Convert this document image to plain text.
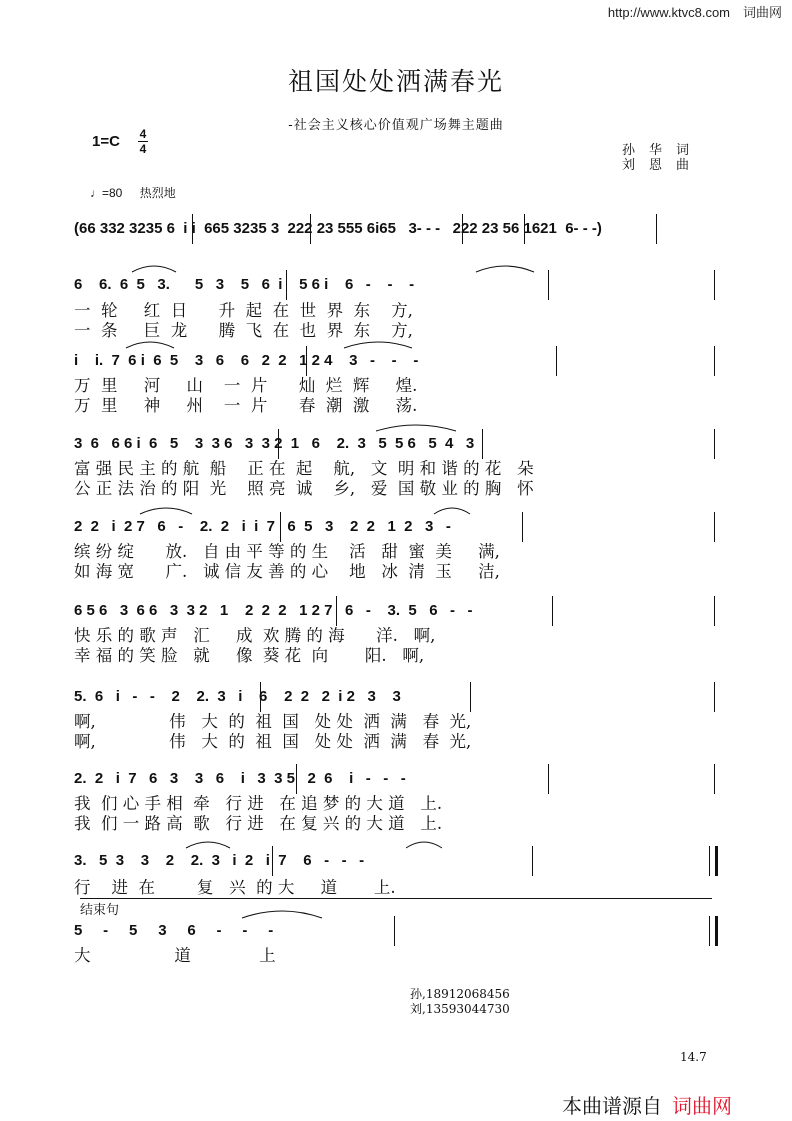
http://www.ktvc8.com　词曲网
祖国处处洒满春光
-社会主义核心价值观广场舞主题曲
1=C 4
4	孙华词
刘恩曲
♩=80 热烈地
(66 332 3235 6  i i  665 3235 3  222 23 555 6i65   3- - -   222 23 56 1621  6- - -)
6    6.  6  5   3.      5   3    5   6  i    5 6 i    6   -    -    -
一  轮     红  日      升  起  在  世  界  东    方,
一  条     巨  龙      腾  飞  在  也  界  东    方,
i    i.  7  6 i  6  5    3   6    6   2  2   1 2 4    3   -    -    -
万  里     河     山    一  片      灿  烂  辉     煌.
万  里     神     州    一  片      春  潮  激     荡.
3  6   6 6 i  6   5    3  3 6   3  3 2  1   6    2.  3   5  5 6   5  4   3
富 强 民 主 的 航  船    正 在  起    航,   文  明 和 谐 的 花   朵
公 正 法 治 的 阳  光    照 亮  诚    乡,   爱  国 敬 业 的 胸   怀
2  2   i  2 7   6   -    2.  2   i  i  7   6  5   3    2  2   1  2   3   -
缤 纷 绽      放.   自 由 平 等 的 生    活   甜  蜜  美     满,
如 海 宽      广.   诚 信 友 善 的 心    地   冰  清  玉     洁,
6 5 6   3  6 6   3  3 2   1    2  2  2   1 2 7   6   -    3.  5   6   -   -
快 乐 的 歌 声   汇     成  欢 腾 的 海      洋.   啊,
幸 福 的 笑 脸   就     像  葵 花  向       阳.   啊,
5.  6   i   -   -    2    2.  3   i    6    2  2   2  i 2   3    3
啊,              伟   大  的  祖  国   处 处  洒  满   春  光,
啊,              伟   大  的  祖  国   处 处  洒  满   春  光,
2.  2   i  7   6   3    3   6    i   3  3 5   2  6    i   -   -   -
我  们 心 手 相  牵   行 进   在 追 梦 的 大 道   上.
我  们 一 路 高  歌   行 进   在 复 兴 的 大 道   上.
3.   5  3    3    2    2.  3   i  2   i  7    6   -   -   -
行    进  在        复   兴  的 大     道       上.
结束句
5     -     5     3     6     -     -     -
大                道             上
孙,18912068456
刘,13593044730
14.7
本曲谱源自 词曲网
